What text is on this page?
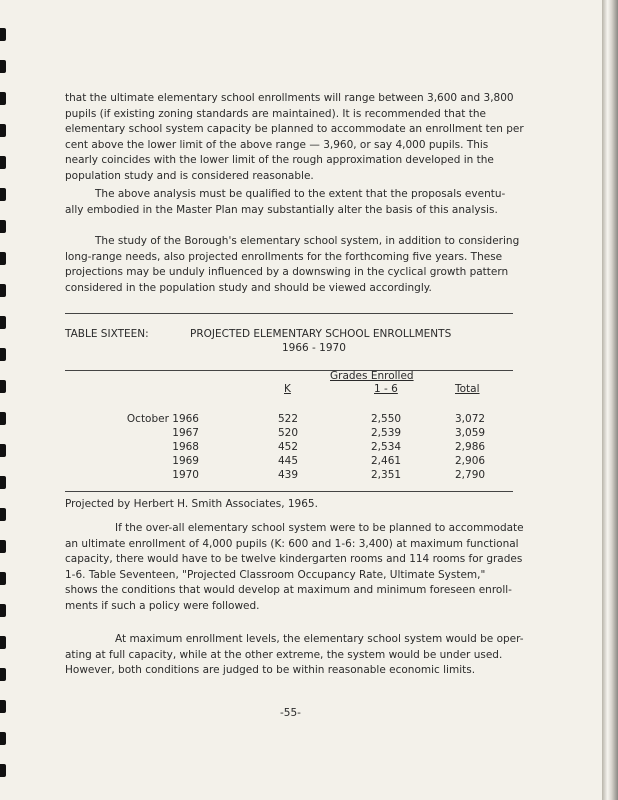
that the ultimate elementary school enrollments will range between 3,600 and 3,800
pupils (if existing zoning standards are maintained). It is recommended that the
elementary school system capacity be planned to accommodate an enrollment ten per
cent above the lower limit of the above range — 3,960, or say 4,000 pupils. This
nearly coincides with the lower limit of the rough approximation developed in the
population study and is considered reasonable.
The above analysis must be qualified to the extent that the proposals eventu-
ally embodied in the Master Plan may substantially alter the basis of this analysis.
The study of the Borough's elementary school system, in addition to considering
long-range needs, also projected enrollments for the forthcoming five years. These
projections may be unduly influenced by a downswing in the cyclical growth pattern
considered in the population study and should be viewed accordingly.
TABLE SIXTEEN:	PROJECTED ELEMENTARY SCHOOL ENROLLMENTS
1966 - 1970
Grades Enrolled
K	1 - 6	Total
October 1966	522	2,550	3,072
1967	520	2,539	3,059
1968	452	2,534	2,986
1969	445	2,461	2,906
1970	439	2,351	2,790
Projected by Herbert H. Smith Associates, 1965.
If the over-all elementary school system were to be planned to accommodate
an ultimate enrollment of 4,000 pupils (K: 600 and 1-6: 3,400) at maximum functional
capacity, there would have to be twelve kindergarten rooms and 114 rooms for grades
1-6. Table Seventeen, "Projected Classroom Occupancy Rate, Ultimate System,"
shows the conditions that would develop at maximum and minimum foreseen enroll-
ments if such a policy were followed.
At maximum enrollment levels, the elementary school system would be oper-
ating at full capacity, while at the other extreme, the system would be under used.
However, both conditions are judged to be within reasonable economic limits.
-55-
